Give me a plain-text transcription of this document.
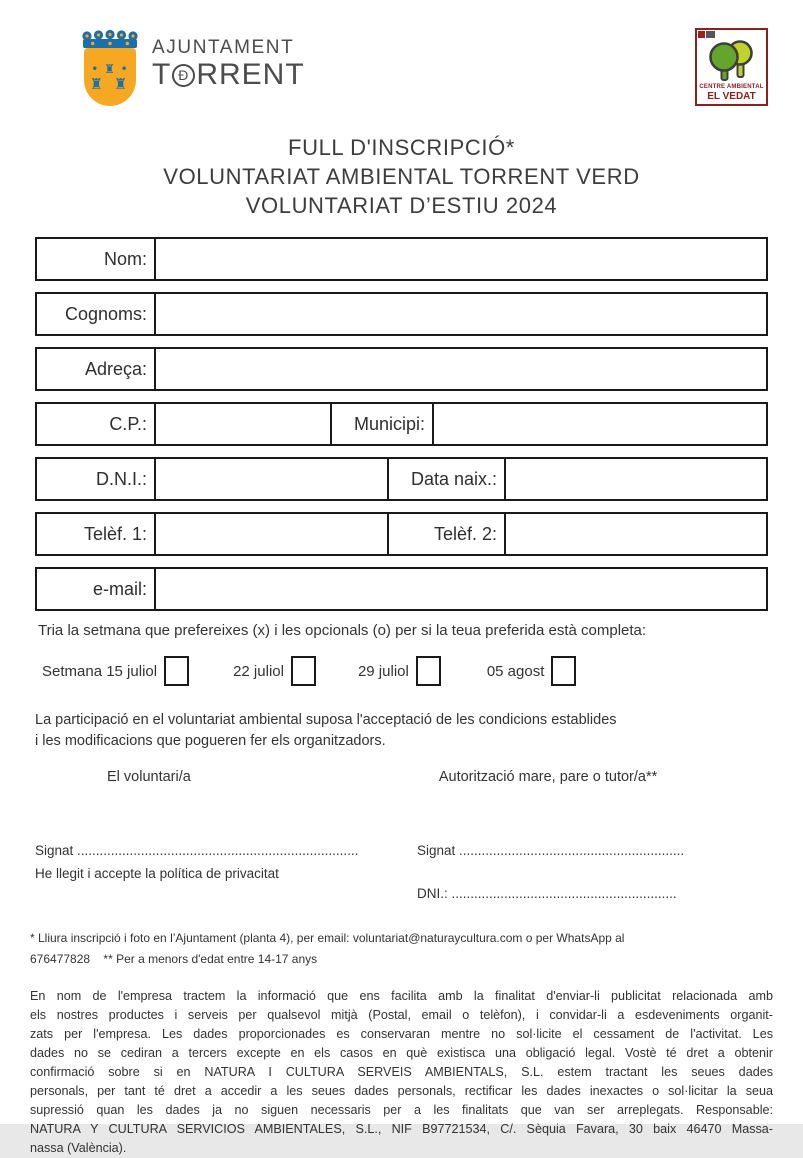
• ♜ •
♜ ♜
AJUNTAMENT
T Đ RRENT	CENTRE AMBIENTAL
EL VEDAT
FULL D'INSCRIPCIÓ*
VOLUNTARIAT AMBIENTAL TORRENT VERD
VOLUNTARIAT D’ESTIU 2024
Nom:
Cognoms:
Adreça:
C.P.:	Municipi:
D.N.I.:	Data naix.:
Telèf. 1:	Telèf. 2:
e-mail:
Tria la setmana que prefereixes (x) i les opcionals (o) per si la teua preferida està completa:
Setmana 15 juliol	22 juliol	29 juliol	05 agost
La participació en el voluntariat ambiental suposa l'acceptació de les condicions establides
i les modificacions que pogueren fer els organitzadors.
El voluntari/a	Autorització mare, pare o tutor/a**
Signat ...........................................................................
He llegit i accepte la política de privacitat
Signat ............................................................
DNI.: ............................................................
* Lliura inscripció i foto en l’Ajuntament (planta 4), per email: voluntariat@naturaycultura.com o per WhatsApp al
676477828    ** Per a menors d'edat entre 14-17 anys
En nom de l'empresa tractem la informació que ens facilita amb la finalitat d'enviar-li publicitat relacionada amb
els nostres productes i serveis per qualsevol mitjà (Postal, email o telèfon), i convidar-li a esdeveniments organit-
zats per l'empresa. Les dades proporcionades es conservaran mentre no sol·licite el cessament de l'activitat. Les
dades no se cediran a tercers excepte en els casos en què existisca una obligació legal. Vostè té dret a obtenir
confirmació sobre si en NATURA I CULTURA SERVEIS AMBIENTALS, S.L. estem tractant les seues dades
personals, per tant té dret a accedir a les seues dades personals, rectificar les dades inexactes o sol·licitar la seua
supressió quan les dades ja no siguen necessaris per a les finalitats que van ser arreplegats. Responsable:
NATURA Y CULTURA SERVICIOS AMBIENTALES, S.L., NIF B97721534, C/. Sèquia Favara, 30 baix 46470 Massa-
nassa (València).
